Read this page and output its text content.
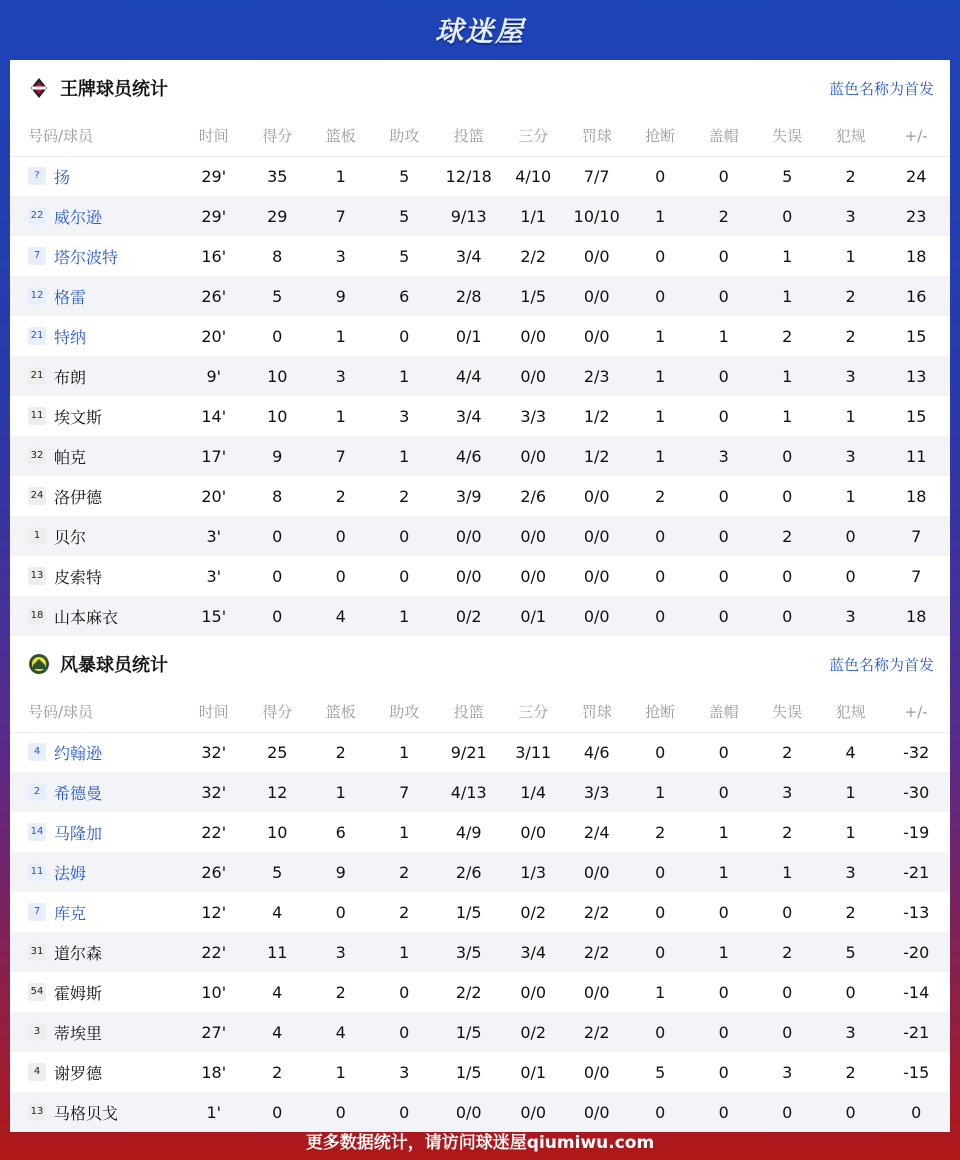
球迷屋
王牌球员统计	蓝色名称为首发
号码/球员	时间	得分	篮板	助攻	投篮	三分	罚球	抢断	盖帽	失误	犯规	+/-
? 扬	29'	35	1	5	12/18	4/10	7/7	0	0	5	2	24
22 威尔逊	29'	29	7	5	9/13	1/1	10/10	1	2	0	3	23
7 塔尔波特	16'	8	3	5	3/4	2/2	0/0	0	0	1	1	18
12 格雷	26'	5	9	6	2/8	1/5	0/0	0	0	1	2	16
21 特纳	20'	0	1	0	0/1	0/0	0/0	1	1	2	2	15
21 布朗	9'	10	3	1	4/4	0/0	2/3	1	0	1	3	13
11 埃文斯	14'	10	1	3	3/4	3/3	1/2	1	0	1	1	15
32 帕克	17'	9	7	1	4/6	0/0	1/2	1	3	0	3	11
24 洛伊德	20'	8	2	2	3/9	2/6	0/0	2	0	0	1	18
1 贝尔	3'	0	0	0	0/0	0/0	0/0	0	0	2	0	7
13 皮索特	3'	0	0	0	0/0	0/0	0/0	0	0	0	0	7
18 山本麻衣	15'	0	4	1	0/2	0/1	0/0	0	0	0	3	18
风暴球员统计	蓝色名称为首发
号码/球员	时间	得分	篮板	助攻	投篮	三分	罚球	抢断	盖帽	失误	犯规	+/-
4 约翰逊	32'	25	2	1	9/21	3/11	4/6	0	0	2	4	-32
2 希德曼	32'	12	1	7	4/13	1/4	3/3	1	0	3	1	-30
14 马隆加	22'	10	6	1	4/9	0/0	2/4	2	1	2	1	-19
11 法姆	26'	5	9	2	2/6	1/3	0/0	0	1	1	3	-21
7 库克	12'	4	0	2	1/5	0/2	2/2	0	0	0	2	-13
31 道尔森	22'	11	3	1	3/5	3/4	2/2	0	1	2	5	-20
54 霍姆斯	10'	4	2	0	2/2	0/0	0/0	1	0	0	0	-14
3 蒂埃里	27'	4	4	0	1/5	0/2	2/2	0	0	0	3	-21
4 谢罗德	18'	2	1	3	1/5	0/1	0/0	5	0	3	2	-15
13 马格贝戈	1'	0	0	0	0/0	0/0	0/0	0	0	0	0	0
更多数据统计，请访问球迷屋qiumiwu.com
